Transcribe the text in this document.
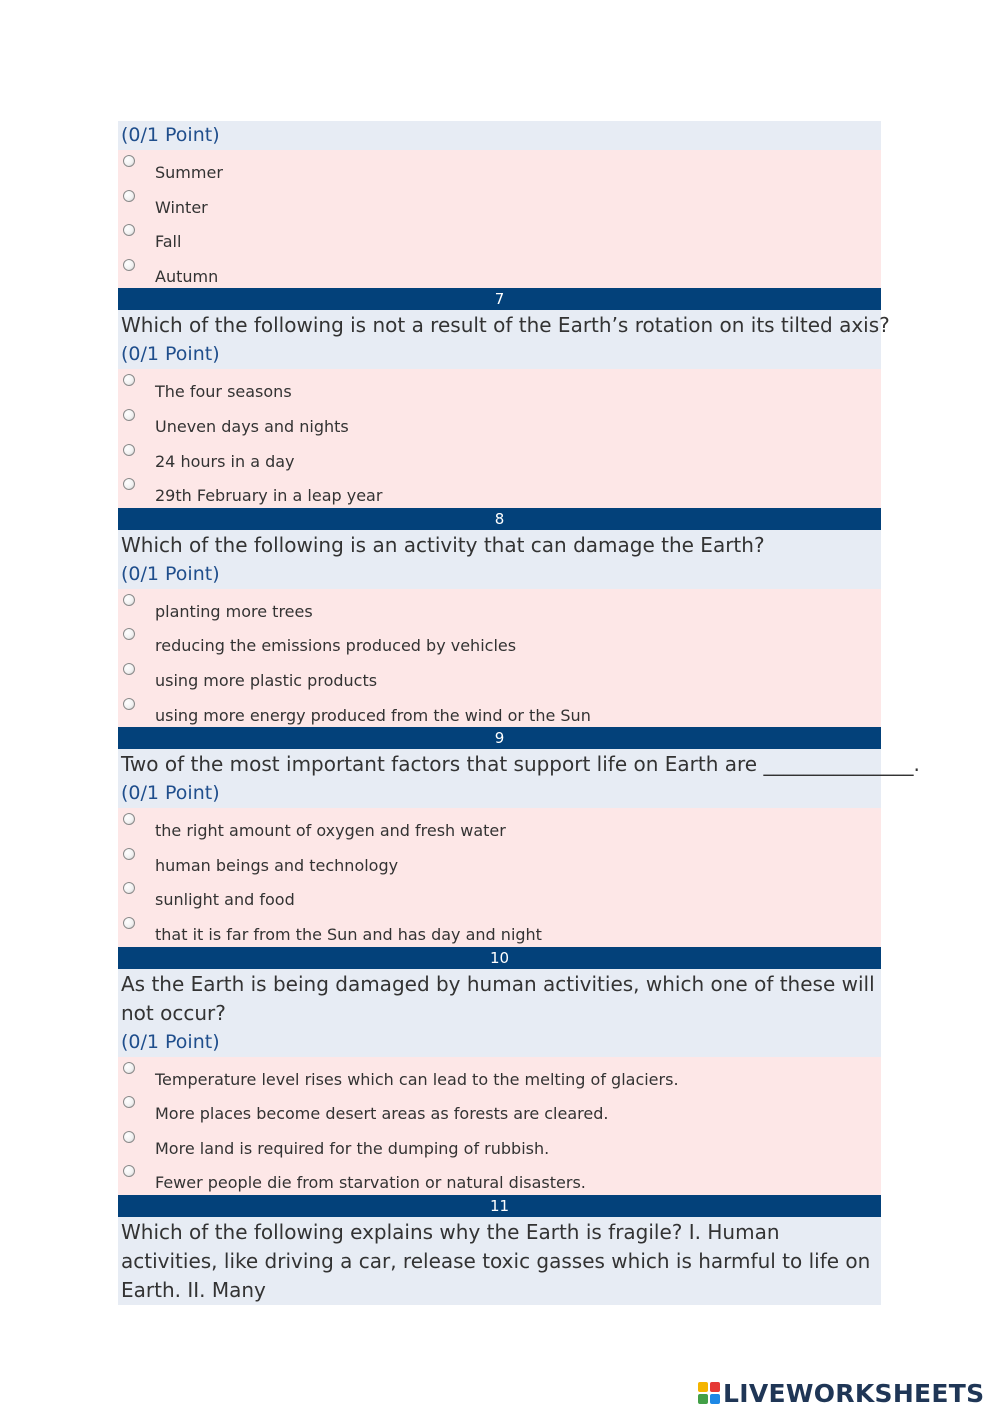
(0/1 Point)
Summer
Winter
Fall
Autumn
7
Which of the following is not a result of the Earth’s rotation on its tilted axis?
(0/1 Point)
The four seasons
Uneven days and nights
24 hours in a day
29th February in a leap year
8
Which of the following is an activity that can damage the Earth?
(0/1 Point)
planting more trees
reducing the emissions produced by vehicles
using more plastic products
using more energy produced from the wind or the Sun
9
Two of the most important factors that support life on Earth are _______________.
(0/1 Point)
the right amount of oxygen and fresh water
human beings and technology
sunlight and food
that it is far from the Sun and has day and night
10
As the Earth is being damaged by human activities, which one of these will not occur?
(0/1 Point)
Temperature level rises which can lead to the melting of glaciers.
More places become desert areas as forests are cleared.
More land is required for the dumping of rubbish.
Fewer people die from starvation or natural disasters.
11
Which of the following explains why the Earth is fragile? I. Human activities, like driving a car, release toxic gasses which is harmful to life on Earth. II. Many
LIVEWORKSHEETS
